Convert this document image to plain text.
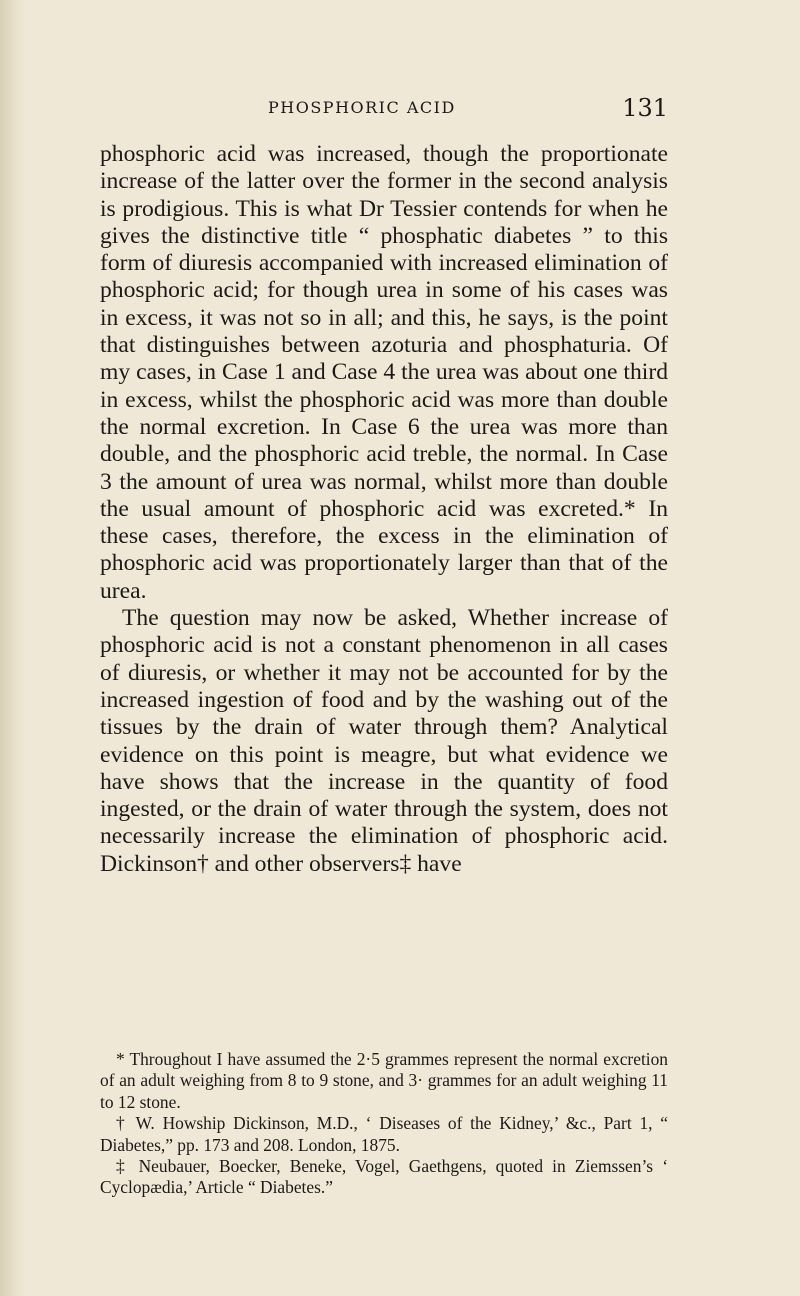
PHOSPHORIC ACID	131

phosphoric acid was increased, though the proportionate increase of the latter over the former in the second analysis is prodigious. This is what Dr Tessier contends for when he gives the distinctive title “ phosphatic diabetes ” to this form of diuresis accompanied with increased elimination of phosphoric acid; for though urea in some of his cases was in excess, it was not so in all; and this, he says, is the point that distinguishes between azoturia and phosphaturia. Of my cases, in Case 1 and Case 4 the urea was about one third in excess, whilst the phosphoric acid was more than double the normal excretion. In Case 6 the urea was more than double, and the phosphoric acid treble, the normal. In Case 3 the amount of urea was normal, whilst more than double the usual amount of phosphoric acid was excreted.* In these cases, therefore, the excess in the elimination of phosphoric acid was proportionately larger than that of the urea.

The question may now be asked, Whether increase of phosphoric acid is not a constant phenomenon in all cases of diuresis, or whether it may not be accounted for by the increased ingestion of food and by the washing out of the tissues by the drain of water through them? Analytical evidence on this point is meagre, but what evidence we have shows that the increase in the quantity of food ingested, or the drain of water through the system, does not necessarily increase the elimination of phosphoric acid. Dickinson† and other observers‡ have

* Throughout I have assumed the 2·5 grammes represent the normal excretion of an adult weighing from 8 to 9 stone, and 3· grammes for an adult weighing 11 to 12 stone.

† W. Howship Dickinson, M.D., ‘ Diseases of the Kidney,’ &c., Part 1, “ Diabetes,” pp. 173 and 208. London, 1875.

‡ Neubauer, Boecker, Beneke, Vogel, Gaethgens, quoted in Ziemssen’s ‘ Cyclopædia,’ Article “ Diabetes.”
